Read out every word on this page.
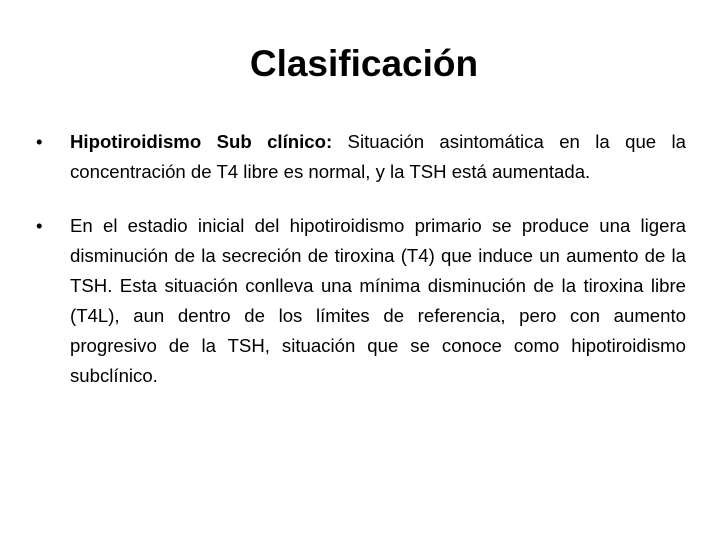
Clasificación
•	Hipotiroidismo Sub clínico: Situación asintomática en la que la concentración de T4 libre es normal, y la TSH está aumentada.
•	En el estadio inicial del hipotiroidismo primario se produce una ligera disminución de la secreción de tiroxina (T4) que induce un aumento de la TSH. Esta situación conlleva una mínima disminución de la tiroxina libre (T4L), aun dentro de los límites de referencia, pero con aumento progresivo de la TSH, situación que se conoce como hipotiroidismo subclínico.
